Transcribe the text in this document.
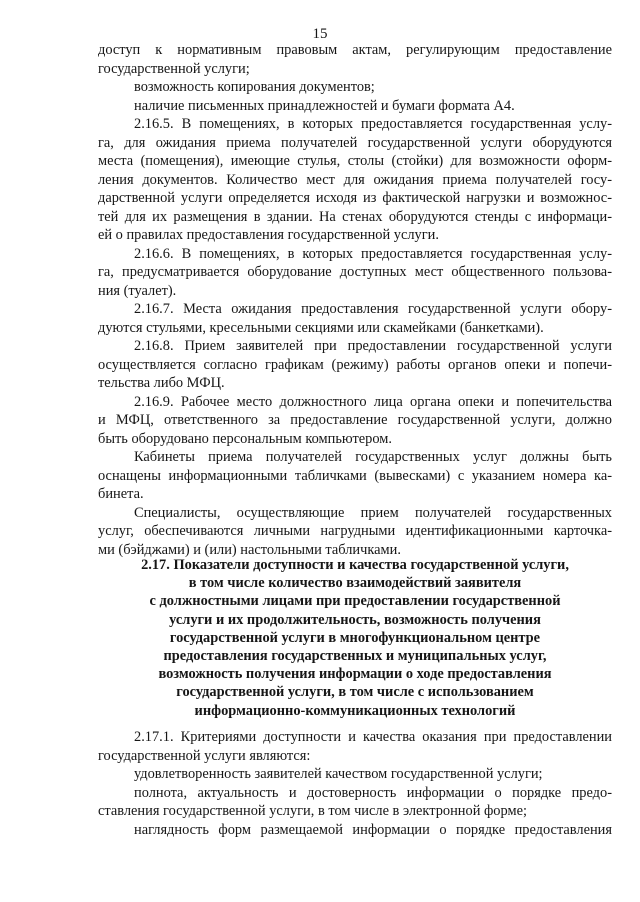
15
доступ к нормативным правовым актам, регулирующим предоставление
государственной услуги;
возможность копирования документов;
наличие письменных принадлежностей и бумаги формата А4.
2.16.5. В помещениях, в которых предоставляется государственная услу-
га, для ожидания приема получателей государственной услуги оборудуются
места (помещения), имеющие стулья, столы (стойки) для возможности оформ-
ления документов. Количество мест для ожидания приема получателей госу-
дарственной услуги определяется исходя из фактической нагрузки и возможнос-
тей для их размещения в здании. На стенах оборудуются стенды с информаци-
ей о правилах предоставления государственной услуги.
2.16.6. В помещениях, в которых предоставляется государственная услу-
га, предусматривается оборудование доступных мест общественного пользова-
ния (туалет).
2.16.7. Места ожидания предоставления государственной услуги обору-
дуются стульями, кресельными секциями или скамейками (банкетками).
2.16.8. Прием заявителей при предоставлении государственной услуги
осуществляется согласно графикам (режиму) работы органов опеки и попечи-
тельства либо МФЦ.
2.16.9. Рабочее место должностного лица органа опеки и попечительства
и МФЦ, ответственного за предоставление государственной услуги, должно
быть оборудовано персональным компьютером.
Кабинеты приема получателей государственных услуг должны быть
оснащены информационными табличками (вывесками) с указанием номера ка-
бинета.
Специалисты, осуществляющие прием получателей государственных
услуг, обеспечиваются личными нагрудными идентификационными карточка-
ми (бэйджами) и (или) настольными табличками.
2.17. Показатели доступности и качества государственной услуги,
в том числе количество взаимодействий заявителя
с должностными лицами при предоставлении государственной
услуги и их продолжительность, возможность получения
государственной услуги в многофункциональном центре
предоставления государственных и муниципальных услуг,
возможность получения информации о ходе предоставления
государственной услуги, в том числе с использованием
информационно-коммуникационных технологий
2.17.1. Критериями доступности и качества оказания при предоставлении
государственной услуги являются:
удовлетворенность заявителей качеством государственной услуги;
полнота, актуальность и достоверность информации о порядке предо-
ставления государственной услуги, в том числе в электронной форме;
наглядность форм размещаемой информации о порядке предоставления
